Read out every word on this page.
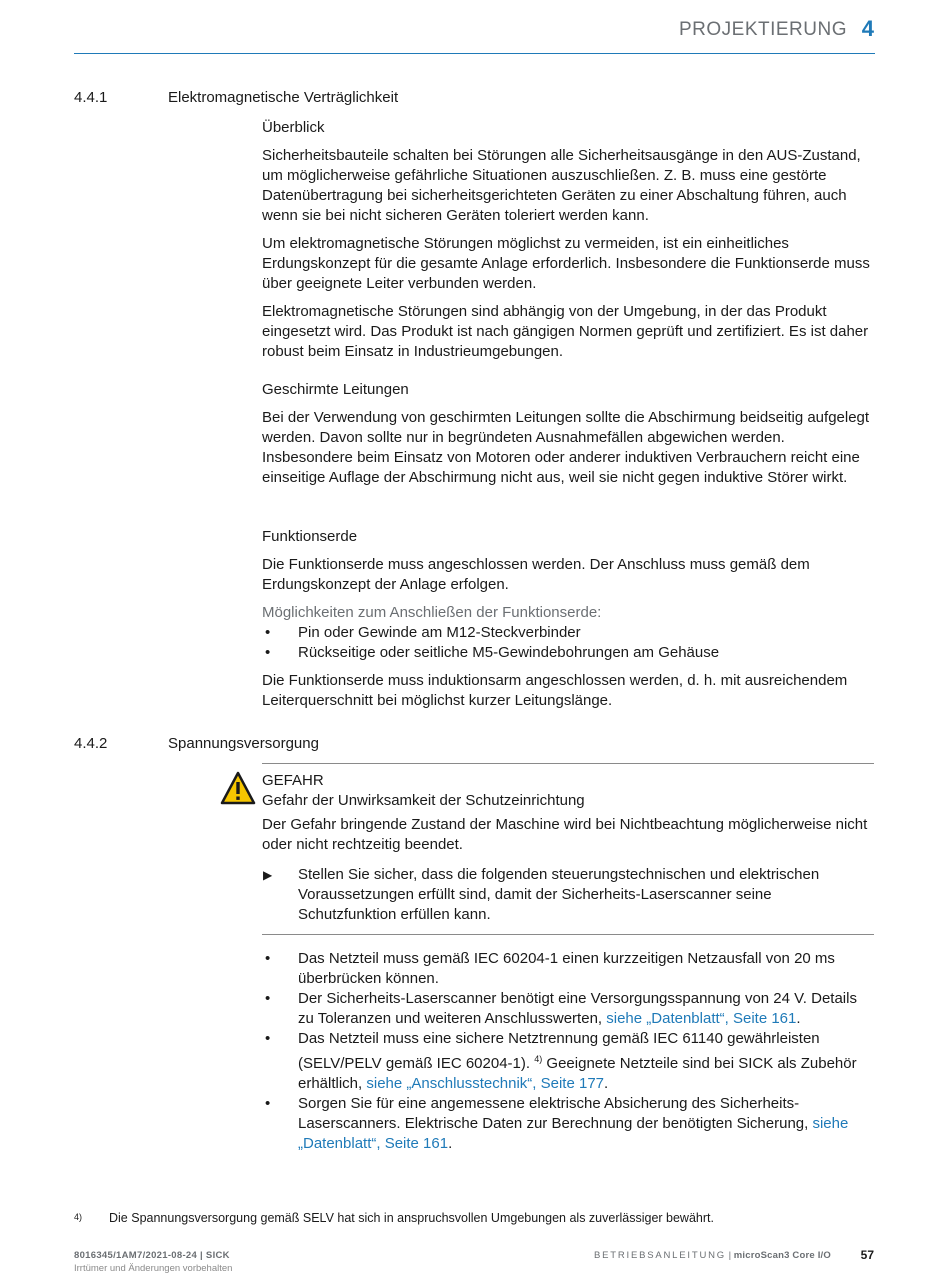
PROJEKTIERUNG 4
4.4.1	Elektromagnetische Verträglichkeit

Überblick

Sicherheitsbauteile schalten bei Störungen alle Sicherheitsausgänge in den AUS-Zustand, um möglicherweise gefährliche Situationen auszuschließen. Z. B. muss eine gestörte Datenübertragung bei sicherheitsgerichteten Geräten zu einer Abschaltung führen, auch wenn sie bei nicht sicheren Geräten toleriert werden kann.

Um elektromagnetische Störungen möglichst zu vermeiden, ist ein einheitliches Erdungskonzept für die gesamte Anlage erforderlich. Insbesondere die Funktionserde muss über geeignete Leiter verbunden werden.

Elektromagnetische Störungen sind abhängig von der Umgebung, in der das Produkt eingesetzt wird. Das Produkt ist nach gängigen Normen geprüft und zertifiziert. Es ist daher robust beim Einsatz in Industrieumgebungen.

Geschirmte Leitungen

Bei der Verwendung von geschirmten Leitungen sollte die Abschirmung beidseitig aufgelegt werden. Davon sollte nur in begründeten Ausnahmefällen abgewichen werden. Insbesondere beim Einsatz von Motoren oder anderer induktiven Verbrauchern reicht eine einseitige Auflage der Abschirmung nicht aus, weil sie nicht gegen induktive Störer wirkt.

Funktionserde

Die Funktionserde muss angeschlossen werden. Der Anschluss muss gemäß dem Erdungskonzept der Anlage erfolgen.

Möglichkeiten zum Anschließen der Funktionserde:

• Pin oder Gewinde am M12-Steckverbinder
• Rückseitige oder seitliche M5-Gewindebohrungen am Gehäuse

Die Funktionserde muss induktionsarm angeschlossen werden, d. h. mit ausreichendem Leiterquerschnitt bei möglichst kurzer Leitungslänge.

4.4.2	Spannungsversorgung

GEFAHR

Gefahr der Unwirksamkeit der Schutzeinrichtung

Der Gefahr bringende Zustand der Maschine wird bei Nichtbeachtung möglicherweise nicht oder nicht rechtzeitig beendet.

▶ Stellen Sie sicher, dass die folgenden steuerungstechnischen und elektrischen Voraussetzungen erfüllt sind, damit der Sicherheits-Laserscanner seine Schutzfunktion erfüllen kann.
• Das Netzteil muss gemäß IEC 60204-1 einen kurzzeitigen Netzausfall von 20 ms überbrücken können.
• Der Sicherheits-Laserscanner benötigt eine Versorgungsspannung von 24 V. Details zu Toleranzen und weiteren Anschlusswerten, siehe „Datenblatt“, Seite 161.
• Das Netzteil muss eine sichere Netztrennung gemäß IEC 61140 gewährleisten (SELV/PELV gemäß IEC 60204-1). $^{4)}$ Geeignete Netzteile sind bei SICK als Zubehör erhältlich, siehe „Anschlusstechnik“, Seite 177.
• Sorgen Sie für eine angemessene elektrische Absicherung des Sicherheits-Laserscanners. Elektrische Daten zur Berechnung der benötigten Sicherung, siehe „Datenblatt“, Seite 161.
4) Die Spannungsversorgung gemäß SELV hat sich in anspruchsvollen Umgebungen als zuverlässiger bewährt.
8016345/1AM7/2021-08-24 | SICK
Irrtümer und Änderungen vorbehalten
BETRIEBSANLEITUNG | microScan3 Core I/O 57
